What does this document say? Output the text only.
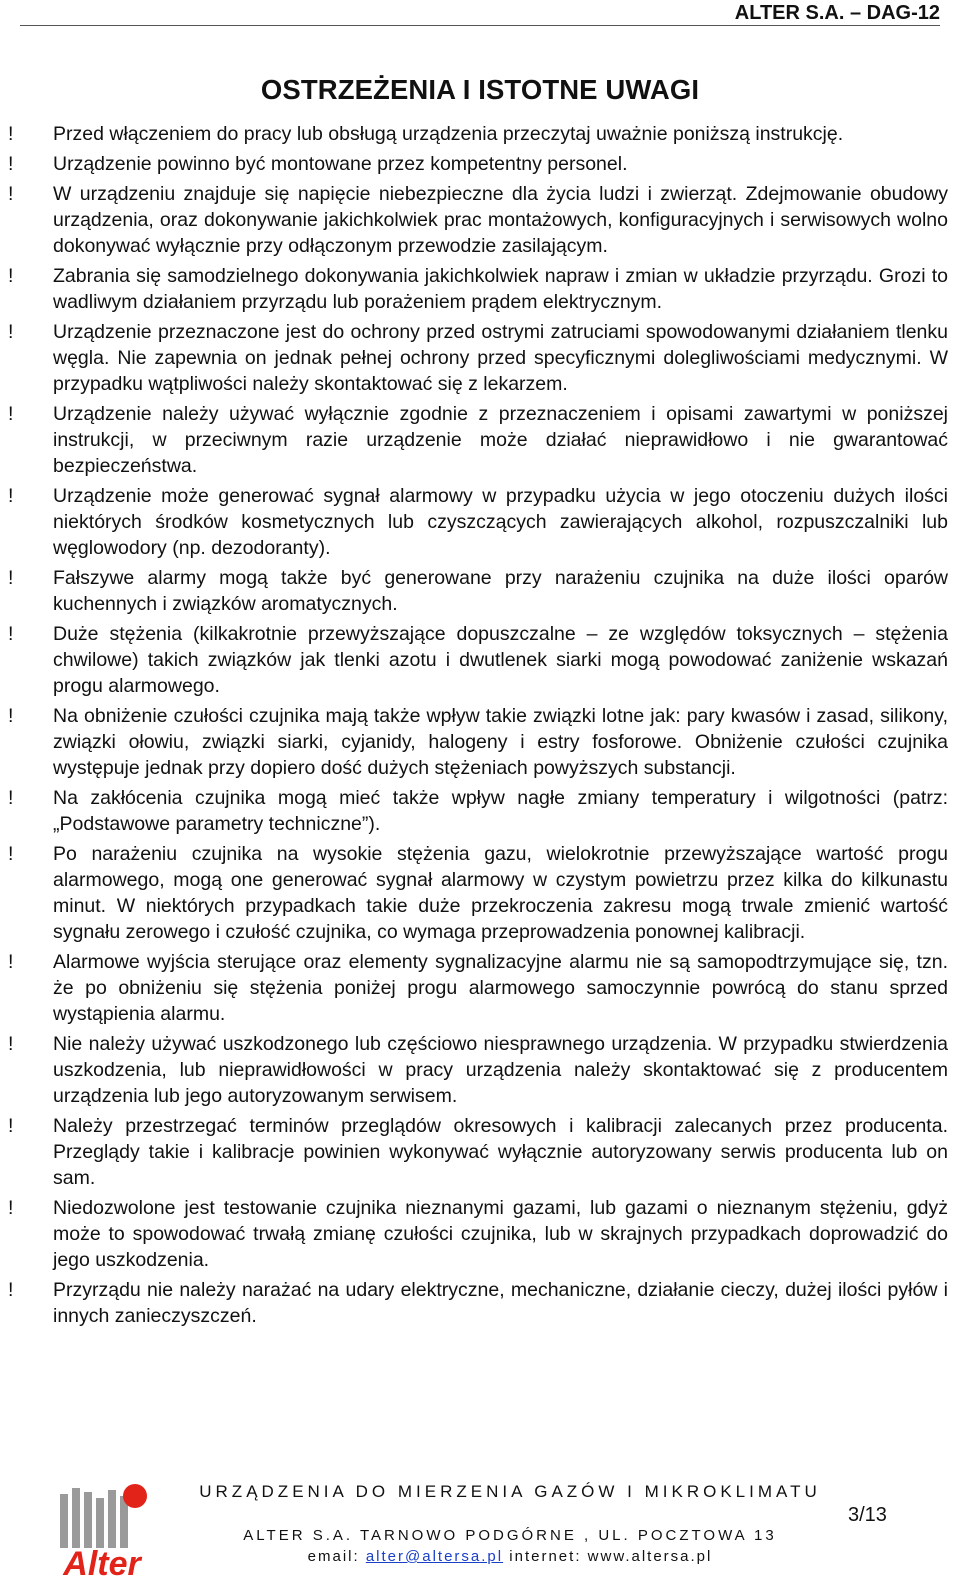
ALTER S.A. – DAG-12
OSTRZEŻENIA I ISTOTNE UWAGI
!	Przed włączeniem do pracy lub obsługą urządzenia przeczytaj uważnie poniższą instrukcję.
!	Urządzenie powinno być montowane przez kompetentny personel.
!	W urządzeniu znajduje się napięcie niebezpieczne dla życia ludzi i zwierząt. Zdejmowanie obudowy urządzenia, oraz dokonywanie jakichkolwiek prac montażowych, konfiguracyjnych i serwisowych wolno dokonywać wyłącznie przy odłączonym przewodzie zasilającym.
!	Zabrania się samodzielnego dokonywania jakichkolwiek napraw i zmian w układzie przyrządu. Grozi to wadliwym działaniem przyrządu lub porażeniem prądem elektrycznym.
!	Urządzenie przeznaczone jest do ochrony przed ostrymi zatruciami spowodowanymi działaniem tlenku węgla. Nie zapewnia on jednak pełnej ochrony przed specyficznymi dolegliwościami medycznymi. W przypadku wątpliwości należy skontaktować się z lekarzem.
!	Urządzenie należy używać wyłącznie zgodnie z przeznaczeniem i opisami zawartymi w poniższej instrukcji, w przeciwnym razie urządzenie może działać nieprawidłowo i nie gwarantować bezpieczeństwa.
!	Urządzenie może generować sygnał alarmowy w przypadku użycia w jego otoczeniu dużych ilości niektórych środków kosmetycznych lub czyszczących zawierających alkohol, rozpuszczalniki lub węglowodory (np. dezodoranty).
!	Fałszywe alarmy mogą także być generowane przy narażeniu czujnika na duże ilości oparów kuchennych i związków aromatycznych.
!	Duże stężenia (kilkakrotnie przewyższające dopuszczalne – ze względów toksycznych – stężenia chwilowe) takich związków jak tlenki azotu i dwutlenek siarki mogą powodować zaniżenie wskazań progu alarmowego.
!	Na obniżenie czułości czujnika mają także wpływ takie związki lotne jak: pary kwasów i zasad, silikony, związki ołowiu, związki siarki, cyjanidy, halogeny i estry fosforowe. Obniżenie czułości czujnika występuje jednak przy dopiero dość dużych stężeniach powyższych substancji.
!	Na zakłócenia czujnika mogą mieć także wpływ nagłe zmiany temperatury i wilgotności (patrz: „Podstawowe parametry techniczne”).
!	Po narażeniu czujnika na wysokie stężenia gazu, wielokrotnie przewyższające wartość progu alarmowego, mogą one generować sygnał alarmowy w czystym powietrzu przez kilka do kilkunastu minut. W niektórych przypadkach takie duże przekroczenia zakresu mogą trwale zmienić wartość sygnału zerowego i czułość czujnika, co wymaga przeprowadzenia ponownej kalibracji.
!	Alarmowe wyjścia sterujące oraz elementy sygnalizacyjne alarmu nie są samopodtrzymujące się, tzn. że po obniżeniu się stężenia poniżej progu alarmowego samoczynnie powrócą do stanu sprzed wystąpienia alarmu.
!	Nie należy używać uszkodzonego lub częściowo niesprawnego urządzenia. W przypadku stwierdzenia uszkodzenia, lub nieprawidłowości w pracy urządzenia należy skontaktować się z producentem urządzenia lub jego autoryzowanym serwisem.
!	Należy przestrzegać terminów przeglądów okresowych i kalibracji zalecanych przez producenta. Przeglądy takie i kalibracje powinien wykonywać wyłącznie autoryzowany serwis producenta lub on sam.
!	Niedozwolone jest testowanie czujnika nieznanymi gazami, lub gazami o nieznanym stężeniu, gdyż może to spowodować trwałą zmianę czułości czujnika, lub w skrajnych przypadkach doprowadzić do jego uszkodzenia.
!	Przyrządu nie należy narażać na udary elektryczne, mechaniczne, działanie cieczy, dużej ilości pyłów i innych zanieczyszczeń.
Alter
URZĄDZENIA DO MIERZENIA GAZÓW I MIKROKLIMATU
ALTER S.A. TARNOWO PODGÓRNE , UL. POCZTOWA 13
email: alter@altersa.pl internet: www.altersa.pl
3/13
